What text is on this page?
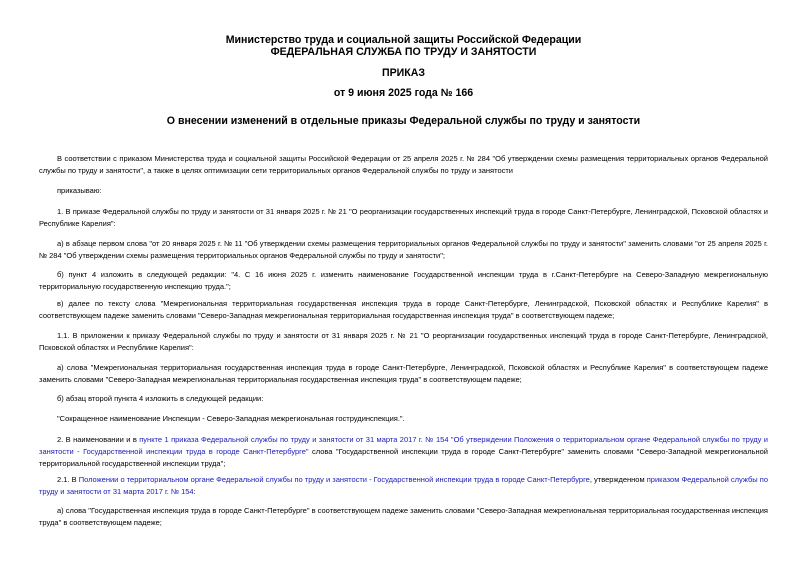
Министерство труда и социальной защиты Российской Федерации
ФЕДЕРАЛЬНАЯ СЛУЖБА ПО ТРУДУ И ЗАНЯТОСТИ
ПРИКАЗ
от 9 июня 2025 года № 166
О внесении изменений в отдельные приказы Федеральной службы по труду и занятости
В соответствии с приказом Министерства труда и социальной защиты Российской Федерации от 25 апреля 2025 г. № 284 "Об утверждении схемы размещения территориальных органов Федеральной службы по труду и занятости", а также в целях оптимизации сети территориальных органов Федеральной службы по труду и занятости
приказываю:
1. В приказе Федеральной службы по труду и занятости от 31 января 2025 г. № 21 "О реорганизации государственных инспекций труда в городе Санкт-Петербурге, Ленинградской, Псковской областях и Республике Карелия":
а) в абзаце первом слова "от 20 января 2025 г. № 11 "Об утверждении схемы размещения территориальных органов Федеральной службы по труду и занятости" заменить словами "от 25 апреля 2025 г. № 284 "Об утверждении схемы размещения территориальных органов Федеральной службы по труду и занятости";
б) пункт 4 изложить в следующей редакции: "4. С 16 июня 2025 г. изменить наименование Государственной инспекции труда в г.Санкт-Петербурге на Северо-Западную межрегиональную территориальную государственную инспекцию труда.";
в) далее по тексту слова "Межрегиональная территориальная государственная инспекция труда в городе Санкт-Петербурге, Ленинградской, Псковской областях и Республике Карелия" в соответствующем падеже заменить словами "Северо-Западная межрегиональная территориальная государственная инспекция труда" в соответствующем падеже;
1.1. В приложении к приказу Федеральной службы по труду и занятости от 31 января 2025 г. № 21 "О реорганизации государственных инспекций труда в городе Санкт-Петербурге, Ленинградской, Псковской областях и Республике Карелия":
а) слова "Межрегиональная территориальная государственная инспекция труда в городе Санкт-Петербурге, Ленинградской, Псковской областях и Республике Карелия" в соответствующем падеже заменить словами "Северо-Западная межрегиональная территориальная государственная инспекция труда" в соответствующем падеже;
б) абзац второй пункта 4 изложить в следующей редакции:
"Сокращенное наименование Инспекции - Северо-Западная межрегиональная гострудинспекция.".
2. В наименовании и в пункте 1 приказа Федеральной службы по труду и занятости от 31 марта 2017 г. № 154 "Об утверждении Положения о территориальном органе Федеральной службы по труду и занятости - Государственной инспекции труда в городе Санкт-Петербурге" слова "Государственной инспекции труда в городе Санкт-Петербурге" заменить словами "Северо-Западной межрегиональной территориальной государственной инспекции труда";
2.1. В Положении о территориальном органе Федеральной службы по труду и занятости - Государственной инспекции труда в городе Санкт-Петербурге, утвержденном приказом Федеральной службы по труду и занятости от 31 марта 2017 г. № 154:
а) слова "Государственная инспекция труда в городе Санкт-Петербурге" в соответствующем падеже заменить словами "Северо-Западная межрегиональная территориальная государственная инспекция труда" в соответствующем падеже;
